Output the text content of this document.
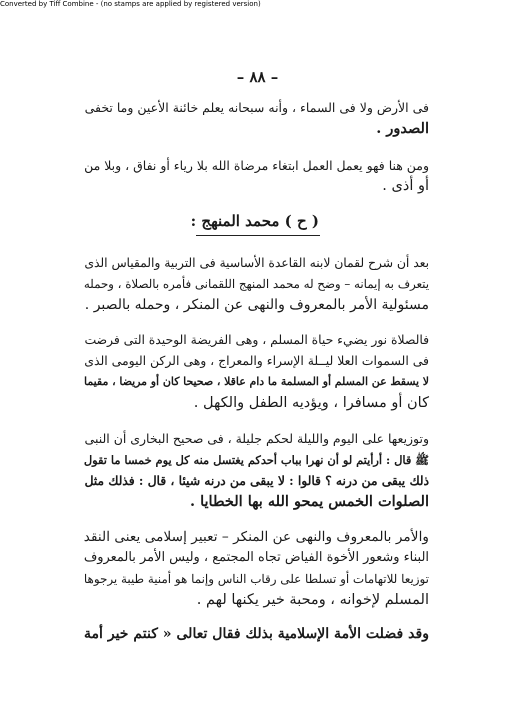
Converted by Tiff Combine - (no stamps are applied by registered version)
– ٨٨ –
فى الأرض ولا فى السماء ، وأنه سبحانه يعلم خائنة الأعين وما تخفى
الصدور .
ومن هنا فهو يعمل العمل ابتغاء مرضاة الله بلا رياء أو نفاق ، وبلا من
أو أذى .
( ح ) محمد المنهج :
بعد أن شرح لقمان لابنه القاعدة الأساسية فى التربية والمقياس الذى
يتعرف به إيمانه – وضح له محمد المنهج اللقمانى فأمره بالصلاة ، وحمله
مسئولية الأمر بالمعروف والنهى عن المنكر ، وحمله بالصبر .
فالصلاة نور يضيء حياة المسلم ، وهى الفريضة الوحيدة التى فرضت
فى السموات العلا ليــلة الإسراء والمعراج ، وهى الركن اليومى الذى
لا يسقط عن المسلم أو المسلمة ما دام عاقلا ، صحيحا كان أو مريضا ، مقيما
كان أو مسافرا ، ويؤديه الطفل والكهل .
وتوزيعها على اليوم والليلة لحكم جليلة ، فى صحيح البخارى أن النبى
ﷺ قال : أرأيتم لو أن نهرا بباب أحدكم يغتسل منه كل يوم خمسا ما تقول
ذلك يبقى من درنه ؟ قالوا : لا يبقى من درنه شيئا ، قال : فذلك مثل
الصلوات الخمس يمحو الله بها الخطايا .
والأمر بالمعروف والنهى عن المنكر – تعبير إسلامى يعنى النقد
البناء وشعور الأخوة الفياض تجاه المجتمع ، وليس الأمر بالمعروف
توزيعا للاتهامات أو تسلطا على رقاب الناس وإنما هو أمنية طيبة يرجوها
المسلم لإخوانه ، ومحبة خير يكنها لهم .
وقد فضلت الأمة الإسلامية بذلك فقال تعالى « كنتم خير أمة
